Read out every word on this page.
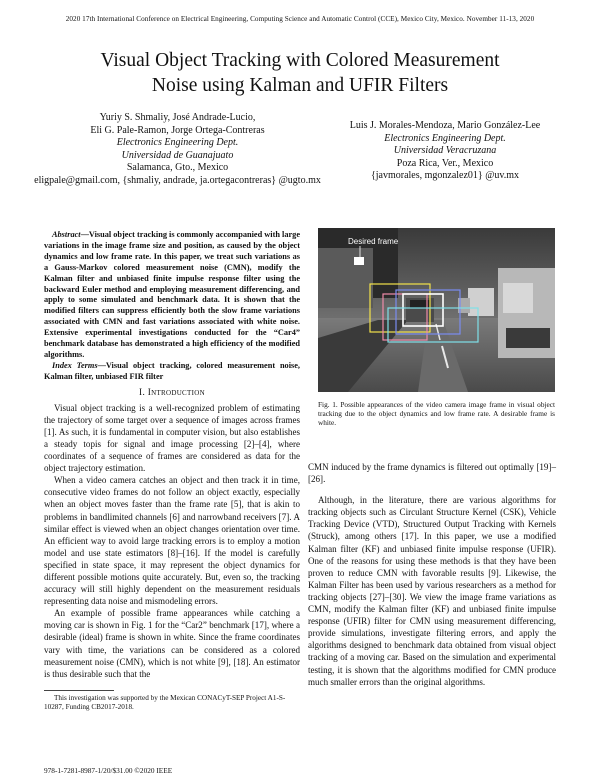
2020 17th International Conference on Electrical Engineering, Computing Science and Automatic Control (CCE), Mexico City, Mexico. November 11-13, 2020
Visual Object Tracking with Colored Measurement
Noise using Kalman and UFIR Filters
Yuriy S. Shmaliy, José Andrade-Lucio,
Eli G. Pale-Ramon, Jorge Ortega-Contreras
Electronics Engineering Dept.
Universidad de Guanajuato
Salamanca, Gto., Mexico
eligpale@gmail.com, {shmaliy, andrade, ja.ortegacontreras} @ugto.mx
Luis J. Morales-Mendoza, Mario González-Lee
Electronics Engineering Dept.
Universidad Veracruzana
Poza Rica, Ver., Mexico
{javmorales, mgonzalez01} @uv.mx
Abstract—Visual object tracking is commonly accompanied with large variations in the image frame size and position, as caused by the object dynamics and low frame rate. In this paper, we treat such variations as a Gauss-Markov colored measurement noise (CMN), modify the Kalman filter and unbiased finite impulse response filter using the backward Euler method and employing measurement differencing, and apply to some simulated and benchmark data. It is shown that the modified filters can suppress efficiently both the slow frame variations associated with CMN and fast variations associated with white noise. Extensive experimental investigations conducted for the “Car4” benchmark database has demonstrated a high efficiency of the modified algorithms.
Index Terms—Visual object tracking, colored measurement noise, Kalman filter, unbiased FIR filter
I. Introduction

Visual object tracking is a well-recognized problem of estimating the trajectory of some target over a sequence of images across frames [1]. As such, it is fundamental in computer vision, but also establishes a steady topis for signal and image processing [2]–[4], where coordinates of a sequence of frames are considered as data for the object trajectory estimation.

When a video camera catches an object and then track it in time, consecutive video frames do not follow an object exactly, especially when an object moves faster than the frame rate [5], that is akin to problems in bandlimited channels [6] and narrowband receivers [7]. A similar effect is viewed when an object changes orientation over time. An efficient way to avoid large tracking errors is to employ a motion model and use state estimators [8]–[16]. If the model is carefully specified in state space, it may represent the object dynamics for different possible motions quite accurately. But, even so, the tracking accuracy will still highly dependent on the measurement residuals representing data noise and mismodeling errors.

An example of possible frame appearances while catching a moving car is shown in Fig. 1 for the “Car2” benchmark [17], where a desirable (ideal) frame is shown in white. Since the frame coordinates vary with time, the variations can be considered as a colored measurement noise (CMN), which is not white [9], [18]. An estimator is thus desirable such that the

This investigation was supported by the Mexican CONACyT-SEP Project A1-S-10287, Funding CB2017-2018.
978-1-7281-8987-1/20/$31.00 ©2020 IEEE
Desired frame
Fig. 1. Possible appearances of the video camera image frame in visual object tracking due to the object dynamics and low frame rate. A desirable frame is white.
CMN induced by the frame dynamics is filtered out optimally [19]–[26].

Although, in the literature, there are various algorithms for tracking objects such as Circulant Structure Kernel (CSK), Vehicle Tracking Device (VTD), Structured Output Tracking with Kernels (Struck), among others [17]. In this paper, we use a modified Kalman filter (KF) and unbiased finite impulse response (UFIR). One of the reasons for using these methods is that they have been proven to reduce CMN with favorable results [9]. Likewise, the Kalman Filter has been used by various researchers as a method for tracking objects [27]–[30]. We view the image frame variations as CMN, modify the Kalman filter (KF) and unbiased finite impulse response (UFIR) filter for CMN using measurement differencing, provide simulations, investigate filtering errors, and apply the algorithms designed to benchmark data obtained from visual object tracking of a moving car. Based on the simulation and experimental testing, it is shown that the algorithms modified for CMN produce much smaller errors than the original algorithms.
